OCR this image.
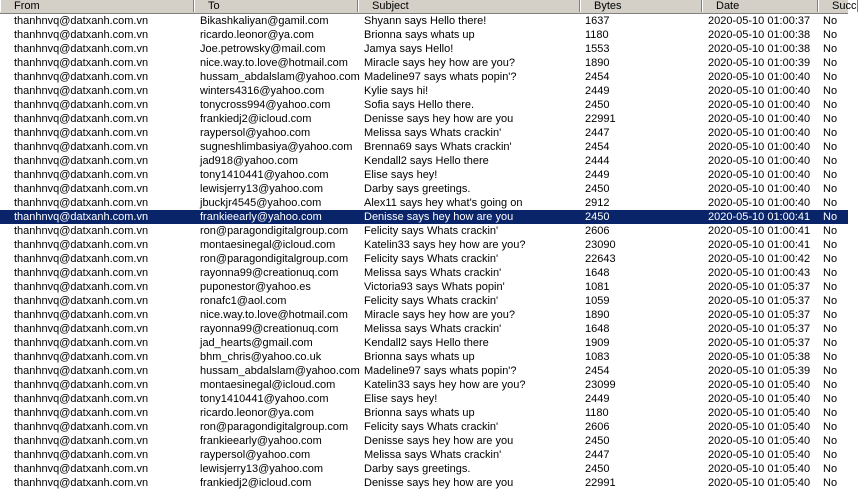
From	To	Subject	Bytes	Date	Succ
thanhnvq@datxanh.com.vn	Bikashkaliyan@gamil.com	Shyann says Hello there!	1637	2020-05-10 01:00:37	No
thanhnvq@datxanh.com.vn	ricardo.leonor@ya.com	Brionna says whats up	1180	2020-05-10 01:00:38	No
thanhnvq@datxanh.com.vn	Joe.petrowsky@mail.com	Jamya says Hello!	1553	2020-05-10 01:00:38	No
thanhnvq@datxanh.com.vn	nice.way.to.love@hotmail.com	Miracle says hey how are you?	1890	2020-05-10 01:00:39	No
thanhnvq@datxanh.com.vn	hussam_abdalslam@yahoo.com Madeline97 says whats popin'?	2454	2020-05-10 01:00:40	No
thanhnvq@datxanh.com.vn	winters4316@yahoo.com	Kylie says hi!	2449	2020-05-10 01:00:40	No
thanhnvq@datxanh.com.vn	tonycross994@yahoo.com	Sofia says Hello there.	2450	2020-05-10 01:00:40	No
thanhnvq@datxanh.com.vn	frankiedj2@icloud.com	Denisse says hey how are you	22991	2020-05-10 01:00:40	No
thanhnvq@datxanh.com.vn	raypersol@yahoo.com	Melissa says Whats crackin'	2447	2020-05-10 01:00:40	No
thanhnvq@datxanh.com.vn	sugneshlimbasiya@yahoo.com	Brenna69 says Whats crackin'	2454	2020-05-10 01:00:40	No
thanhnvq@datxanh.com.vn	jad918@yahoo.com	Kendall2 says Hello there	2444	2020-05-10 01:00:40	No
thanhnvq@datxanh.com.vn	tony1410441@yahoo.com	Elise says hey!	2449	2020-05-10 01:00:40	No
thanhnvq@datxanh.com.vn	lewisjerry13@yahoo.com	Darby says greetings.	2450	2020-05-10 01:00:40	No
thanhnvq@datxanh.com.vn	jbuckjr4545@yahoo.com	Alex11 says hey what's going on	2912	2020-05-10 01:00:40	No
thanhnvq@datxanh.com.vn	frankieearly@yahoo.com	Denisse says hey how are you	2450	2020-05-10 01:00:41	No
thanhnvq@datxanh.com.vn	ron@paragondigitalgroup.com	Felicity says Whats crackin'	2606	2020-05-10 01:00:41	No
thanhnvq@datxanh.com.vn	montaesinegal@icloud.com	Katelin33 says hey how are you?	23090	2020-05-10 01:00:41	No
thanhnvq@datxanh.com.vn	ron@paragondigitalgroup.com	Felicity says Whats crackin'	22643	2020-05-10 01:00:42	No
thanhnvq@datxanh.com.vn	rayonna99@creationuq.com	Melissa says Whats crackin'	1648	2020-05-10 01:00:43	No
thanhnvq@datxanh.com.vn	puponestor@yahoo.es	Victoria93 says Whats popin'	1081	2020-05-10 01:05:37	No
thanhnvq@datxanh.com.vn	ronafc1@aol.com	Felicity says Whats crackin'	1059	2020-05-10 01:05:37	No
thanhnvq@datxanh.com.vn	nice.way.to.love@hotmail.com	Miracle says hey how are you?	1890	2020-05-10 01:05:37	No
thanhnvq@datxanh.com.vn	rayonna99@creationuq.com	Melissa says Whats crackin'	1648	2020-05-10 01:05:37	No
thanhnvq@datxanh.com.vn	jad_hearts@gmail.com	Kendall2 says Hello there	1909	2020-05-10 01:05:37	No
thanhnvq@datxanh.com.vn	bhm_chris@yahoo.co.uk	Brionna says whats up	1083	2020-05-10 01:05:38	No
thanhnvq@datxanh.com.vn	hussam_abdalslam@yahoo.com Madeline97 says whats popin'?	2454	2020-05-10 01:05:39	No
thanhnvq@datxanh.com.vn	montaesinegal@icloud.com	Katelin33 says hey how are you?	23099	2020-05-10 01:05:40	No
thanhnvq@datxanh.com.vn	tony1410441@yahoo.com	Elise says hey!	2449	2020-05-10 01:05:40	No
thanhnvq@datxanh.com.vn	ricardo.leonor@ya.com	Brionna says whats up	1180	2020-05-10 01:05:40	No
thanhnvq@datxanh.com.vn	ron@paragondigitalgroup.com	Felicity says Whats crackin'	2606	2020-05-10 01:05:40	No
thanhnvq@datxanh.com.vn	frankieearly@yahoo.com	Denisse says hey how are you	2450	2020-05-10 01:05:40	No
thanhnvq@datxanh.com.vn	raypersol@yahoo.com	Melissa says Whats crackin'	2447	2020-05-10 01:05:40	No
thanhnvq@datxanh.com.vn	lewisjerry13@yahoo.com	Darby says greetings.	2450	2020-05-10 01:05:40	No
thanhnvq@datxanh.com.vn	frankiedj2@icloud.com	Denisse says hey how are you	22991	2020-05-10 01:05:40	No
